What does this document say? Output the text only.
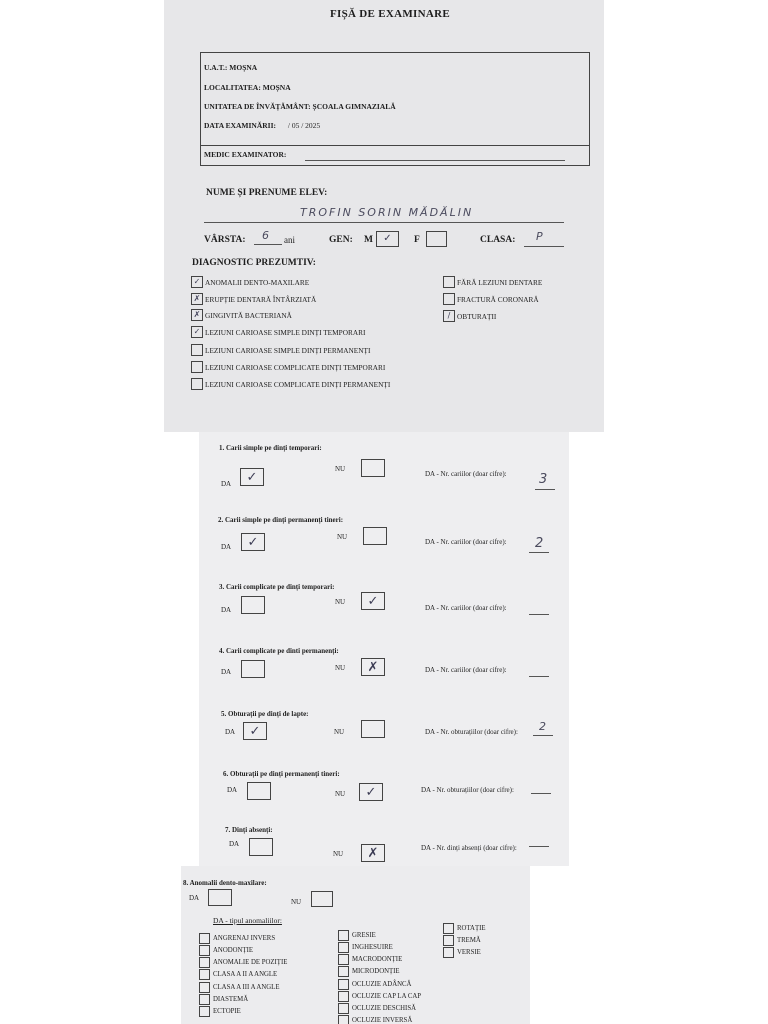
FIȘĂ DE EXAMINARE
U.A.T.: MOȘNA
LOCALITATEA: MOȘNA
UNITATEA DE ÎNVĂȚĂMÂNT: ȘCOALA GIMNAZIALĂ
DATA EXAMINĂRII: / 05 / 2025
MEDIC EXAMINATOR:
NUME ȘI PRENUME ELEV:
TROFIN SORIN MĂDĂLIN
VÂRSTA: 6 ani	GEN: M	✓	F	CLASA: P
DIAGNOSTIC PREZUMTIV:
✓ ANOMALII DENTO-MAXILARE
✗ ERUPȚIE DENTARĂ ÎNTÂRZIATĂ
✗ GINGIVITĂ BACTERIANĂ
✓ LEZIUNI CARIOASE SIMPLE DINȚI TEMPORARI
LEZIUNI CARIOASE SIMPLE DINȚI PERMANENȚI
LEZIUNI CARIOASE COMPLICATE DINȚI TEMPORARI
LEZIUNI CARIOASE COMPLICATE DINȚI PERMANENȚI
FĂRĂ LEZIUNI DENTARE
FRACTURĂ CORONARĂ
/ OBTURAȚII
1. Carii simple pe dinți temporari:
DA	✓
NU
DA - Nr. cariilor (doar cifre): 3
2. Carii simple pe dinți permanenți tineri:
DA	✓	NU
DA - Nr. cariilor (doar cifre): 2
3. Carii complicate pe dinți temporari:
DA
NU	✓	DA - Nr. cariilor (doar cifre):
4. Carii complicate pe dinti permanenți:
DA	NU	✗	DA - Nr. cariilor (doar cifre):
5. Obturații pe dinți de lapte:
DA	✓	NU	DA - Nr. obturațiilor (doar cifre): 2
6. Obturații pe dinți permanenți tineri:
DA	NU	✓	DA - Nr. obturațiilor (doar cifre):
7. Dinți absenți:
DA
NU	✗	DA - Nr. dinți absenți (doar cifre):
8. Anomalii dento-maxilare:
DA	NU
DA - tipul anomaliilor:
ANGRENAJ INVERS
ANODONȚIE
ANOMALIE DE POZIȚIE
CLASA A II A ANGLE
CLASA A III A ANGLE
DIASTEMĂ
ECTOPIE
GRESIE
INGHESUIRE
MACRODONȚIE
MICRODONȚIE
OCLUZIE ADÂNCĂ
OCLUZIE CAP LA CAP
OCLUZIE DESCHISĂ
OCLUZIE INVERSĂ
ROTAȚIE
TREMĂ
VERSIE
